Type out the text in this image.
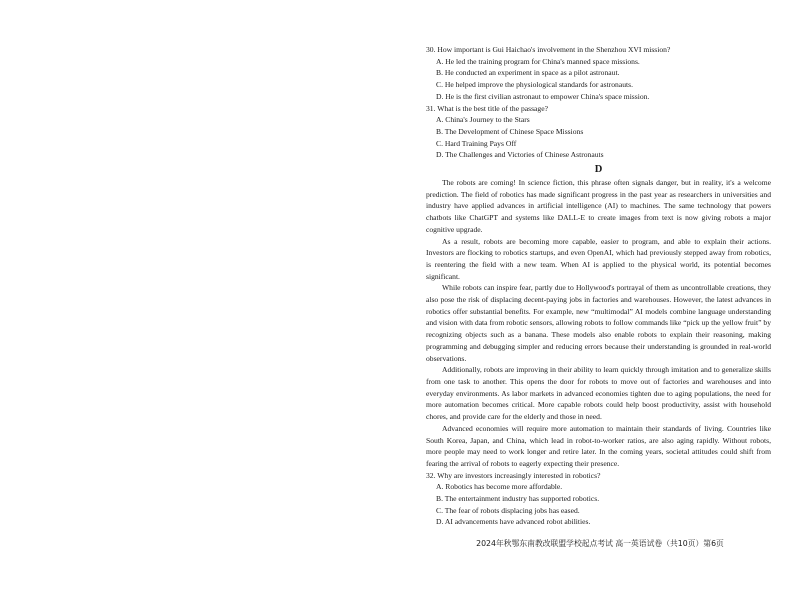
30. How important is Gui Haichao's involvement in the Shenzhou XVI mission?

A. He led the training program for China's manned space missions.

B. He conducted an experiment in space as a pilot astronaut.

C. He helped improve the physiological standards for astronauts.

D. He is the first civilian astronaut to empower China's space mission.

31. What is the best title of the passage?

A. China's Journey to the Stars

B. The Development of Chinese Space Missions

C. Hard Training Pays Off

D. The Challenges and Victories of Chinese Astronauts

D

The robots are coming! In science fiction, this phrase often signals danger, but in reality, it's a welcome prediction. The field of robotics has made significant progress in the past year as researchers in universities and industry have applied advances in artificial intelligence (AI) to machines. The same technology that powers chatbots like ChatGPT and systems like DALL-E to create images from text is now giving robots a major cognitive upgrade.

As a result, robots are becoming more capable, easier to program, and able to explain their actions. Investors are flocking to robotics startups, and even OpenAI, which had previously stepped away from robotics, is reentering the field with a new team. When AI is applied to the physical world, its potential becomes significant.

While robots can inspire fear, partly due to Hollywood's portrayal of them as uncontrollable creations, they also pose the risk of displacing decent-paying jobs in factories and warehouses. However, the latest advances in robotics offer substantial benefits. For example, new “multimodal” AI models combine language understanding and vision with data from robotic sensors, allowing robots to follow commands like “pick up the yellow fruit” by recognizing objects such as a banana. These models also enable robots to explain their reasoning, making programming and debugging simpler and reducing errors because their understanding is grounded in real-world observations.

Additionally, robots are improving in their ability to learn quickly through imitation and to generalize skills from one task to another. This opens the door for robots to move out of factories and warehouses and into everyday environments. As labor markets in advanced economies tighten due to aging populations, the need for more automation becomes critical. More capable robots could help boost productivity, assist with household chores, and provide care for the elderly and those in need.

Advanced economies will require more automation to maintain their standards of living. Countries like South Korea, Japan, and China, which lead in robot-to-worker ratios, are also aging rapidly. Without robots, more people may need to work longer and retire later. In the coming years, societal attitudes could shift from fearing the arrival of robots to eagerly expecting their presence.

32. Why are investors increasingly interested in robotics?

A. Robotics has become more affordable.

B. The entertainment industry has supported robotics.

C. The fear of robots displacing jobs has eased.

D. AI advancements have advanced robot abilities.

2024年秋鄂东南教改联盟学校起点考试 高一英语试卷（共10页）第6页
